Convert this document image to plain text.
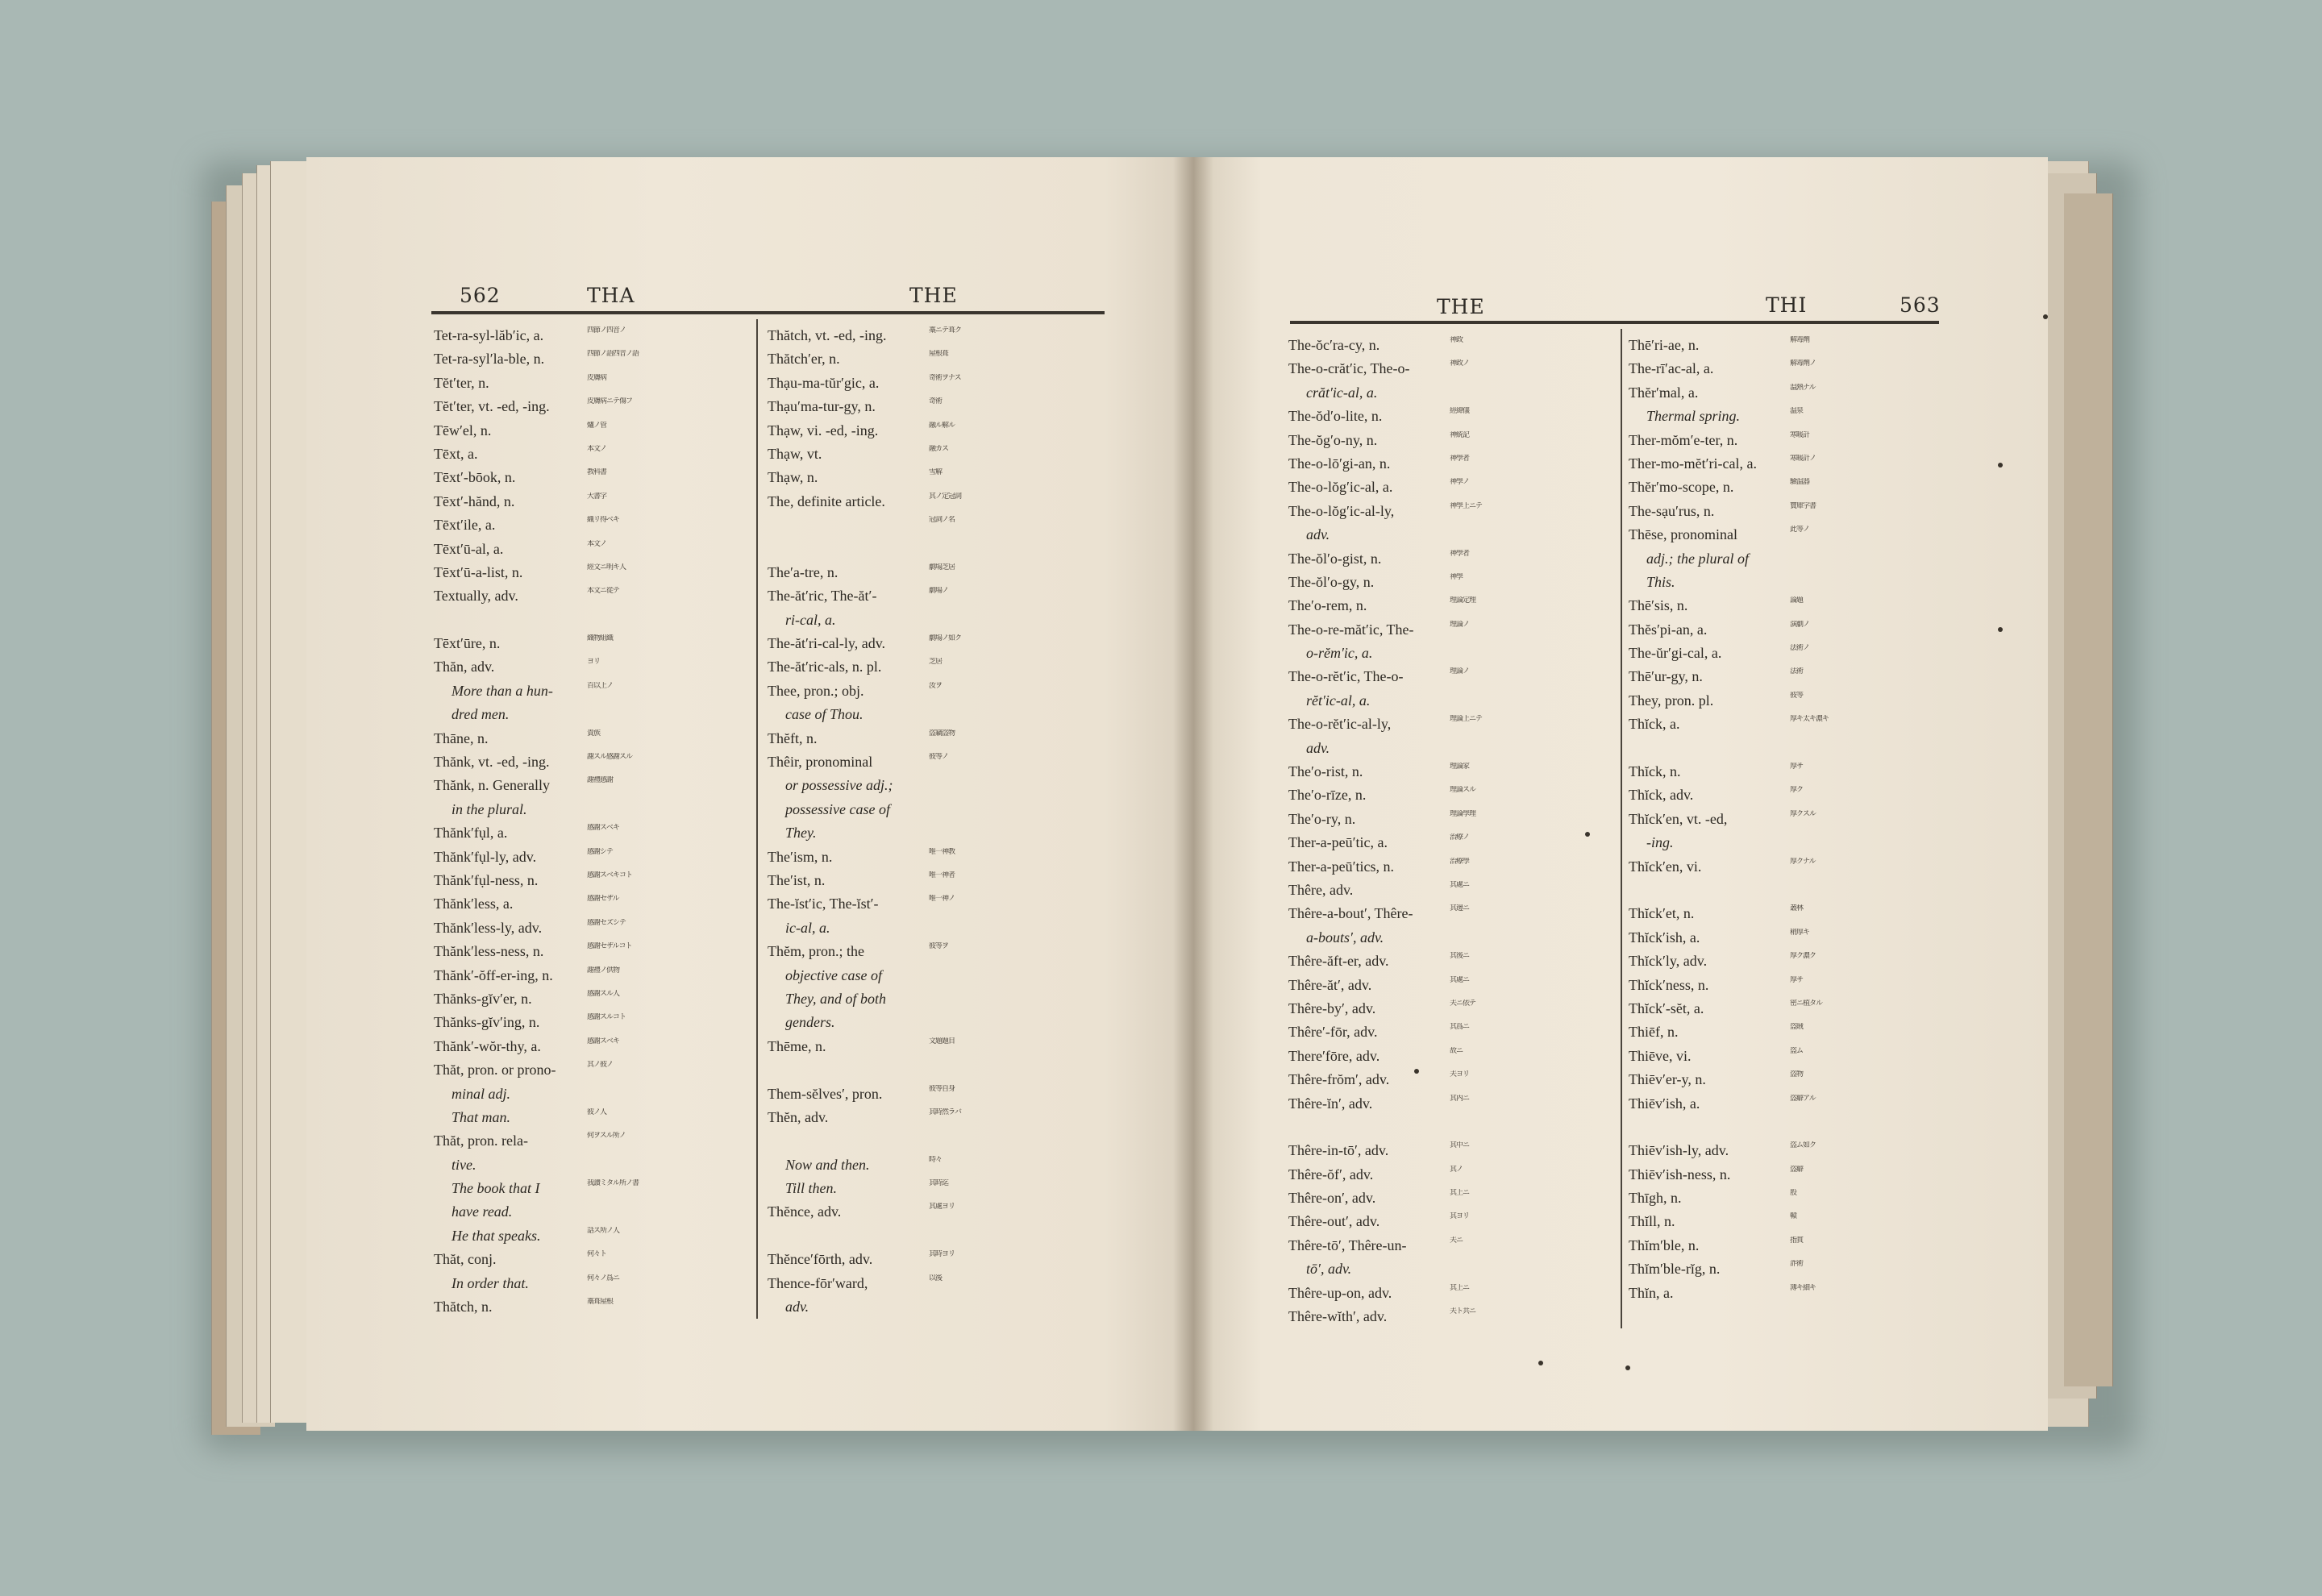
562	THA	THE	THE	THI	563
Tet-ra-syl-lăb′ic, a.	四節ノ四音ノ
Tet-ra-syl′la-ble, n.	四節ノ語四音ノ語
Tĕt′ter, n.	皮膚病
Tĕt′ter, vt. -ed, -ing.	皮膚病ニテ傷フ
Tēw′el, n.	爐ノ管
Tēxt, a.	本文ノ
Tēxt′-bōok, n.	教科書
Tēxt′-hănd, n.	大書字
Tēxt′ile, a.	織リ得ベキ
Tēxt′ū-al, a.	本文ノ
Tēxt′ū-a-list, n.	經文ニ明キ人
Textually, adv.	本文ニ從テ
Tēxt′ūre, n.	織物組織
Thăn, adv.	ヨリ
More than a hun-	百以上ノ
dred men.
Thāne, n.	貴族
Thănk, vt. -ed, -ing.	謝スル感謝スル
Thănk, n. Generally	謝禮感謝
in the plural.
Thănk′fụl, a.	感謝スベキ
Thănk′fụl-ly, adv.	感謝シテ
Thănk′fụl-ness, n.	感謝スベキコト
Thănk′less, a.	感謝セザル
Thănk′less-ly, adv.	感謝セズシテ
Thănk′less-ness, n.	感謝セザルコト
Thănk′-ŏff-er-ing, n.	謝禮ノ供物
Thănks-gĭv′er, n.	感謝スル人
Thănks-gĭv′ing, n.	感謝スルコト
Thănk′-wŏr-thy, a.	感謝スベキ
Thăt, pron. or prono-	其ノ彼ノ
minal adj.
That man.	彼ノ人
Thăt, pron. rela-	何ヲスル所ノ
tive.
The book that I	我讀ミタル所ノ書
have read.
He that speaks.	話ス所ノ人
Thăt, conj.	何々ト
In order that.	何々ノ爲ニ
Thătch, n.	藁葺屋根
Thătch, vt. -ed, -ing.	藁ニテ葺ク
Thătch′er, n.	屋根葺
Thạu-ma-tŭr′gic, a.	奇術ヲナス
Thạu′ma-tur-gy, n.	奇術
Thạw, vi. -ed, -ing.	融ル解ル
Thạw, vt.	融カス
Thạw, n.	雪解
The, definite article.	其ノ定冠詞
冠詞ノ名
The′a-tre, n.	劇場芝居
The-ăt′ric, The-ăt′-	劇場ノ
ri-cal, a.
The-ăt′ri-cal-ly, adv.	劇場ノ如ク
The-ăt′ric-als, n. pl.	芝居
Thee, pron.; obj.	汝ヲ
case of Thou.
Thĕft, n.	盗竊盗物
Thêir, pronominal	彼等ノ
or possessive adj.;
possessive case of
They.
The′ism, n.	唯一神教
The′ist, n.	唯一神者
The-ĭst′ic, The-ĭst′-	唯一神ノ
ic-al, a.
Thĕm, pron.; the	彼等ヲ
objective case of
They, and of both
genders.
Thēme, n.	文題題目
Them-sĕlves′, pron.	彼等自身
Thĕn, adv.	其時然ラバ
Now and then.	時々
Till then.	其時迄
Thĕnce, adv.	其處ヨリ
Thĕnce′fōrth, adv.	其時ヨリ
Thence-fōr′ward,	以後
adv.
The-ŏc′ra-cy, n.	神政
The-o-crăt′ic, The-o-	神政ノ
crăt′ic-al, a.
The-ŏd′o-lite, n.	經緯儀
The-ŏg′o-ny, n.	神統記
The-o-lō′gi-an, n.	神學者
The-o-lŏg′ic-al, a.	神學ノ
The-o-lŏg′ic-al-ly,	神學上ニテ
adv.
The-ŏl′o-gist, n.	神學者
The-ŏl′o-gy, n.	神學
The′o-rem, n.	理論定理
The-o-re-măt′ic, The-	理論ノ
o-rĕm′ic, a.
The-o-rĕt′ic, The-o-	理論ノ
rĕt′ic-al, a.
The-o-rĕt′ic-al-ly,	理論上ニテ
adv.
The′o-rist, n.	理論家
The′o-rīze, n.	理論スル
The′o-ry, n.	理論學理
Ther-a-peū′tic, a.	治療ノ
Ther-a-peū′tics, n.	治療學
Thêre, adv.	其處ニ
Thêre-a-bout′, Thêre-	其邊ニ
a-bouts′, adv.
Thêre-ăft-er, adv.	其後ニ
Thêre-ăt′, adv.	其處ニ
Thêre-by′, adv.	夫ニ依テ
Thêre′-fōr, adv.	其爲ニ
There′fōre, adv.	故ニ
Thêre-frŏm′, adv.	夫ヨリ
Thêre-ĭn′, adv.	其内ニ
Thêre-in-tō′, adv.	其中ニ
Thêre-ŏf′, adv.	其ノ
Thêre-on′, adv.	其上ニ
Thêre-out′, adv.	其ヨリ
Thêre-tō′, Thêre-un-	夫ニ
tō′, adv.
Thêre-up-on, adv.	其上ニ
Thêre-wĭth′, adv.	夫ト共ニ
Thē′ri-ae, n.	解毒劑
The-rī′ac-al, a.	解毒劑ノ
Thĕr′mal, a.	温熱ナル
Thermal spring.	温泉
Ther-mŏm′e-ter, n.	寒暖計
Ther-mo-mĕt′ri-cal, a.	寒暖計ノ
Thĕr′mo-scope, n.	驗温器
The-sạu′rus, n.	寶庫字書
Thēse, pronominal	此等ノ
adj.; the plural of
This.
Thē′sis, n.	論題
Thĕs′pi-an, a.	演劇ノ
The-ŭr′gi-cal, a.	法術ノ
Thē′ur-gy, n.	法術
They, pron. pl.	彼等
Thĭck, a.	厚キ太キ濃キ
Thĭck, n.	厚サ
Thĭck, adv.	厚ク
Thĭck′en, vt. -ed,	厚クスル
-ing.
Thĭck′en, vi.	厚クナル
Thĭck′et, n.	叢林
Thĭck′ish, a.	稍厚キ
Thĭck′ly, adv.	厚ク濃ク
Thĭck′ness, n.	厚サ
Thĭck′-sĕt, a.	密ニ植タル
Thiēf, n.	盗賊
Thiēve, vi.	盗ム
Thiēv′er-y, n.	盗物
Thiēv′ish, a.	盗癖アル
Thiēv′ish-ly, adv.	盗ム如ク
Thiēv′ish-ness, n.	盗癖
Thīgh, n.	股
Thĭll, n.	轅
Thĭm′ble, n.	指貫
Thĭm′ble-rĭg, n.	詐術
Thĭn, a.	薄キ細キ
